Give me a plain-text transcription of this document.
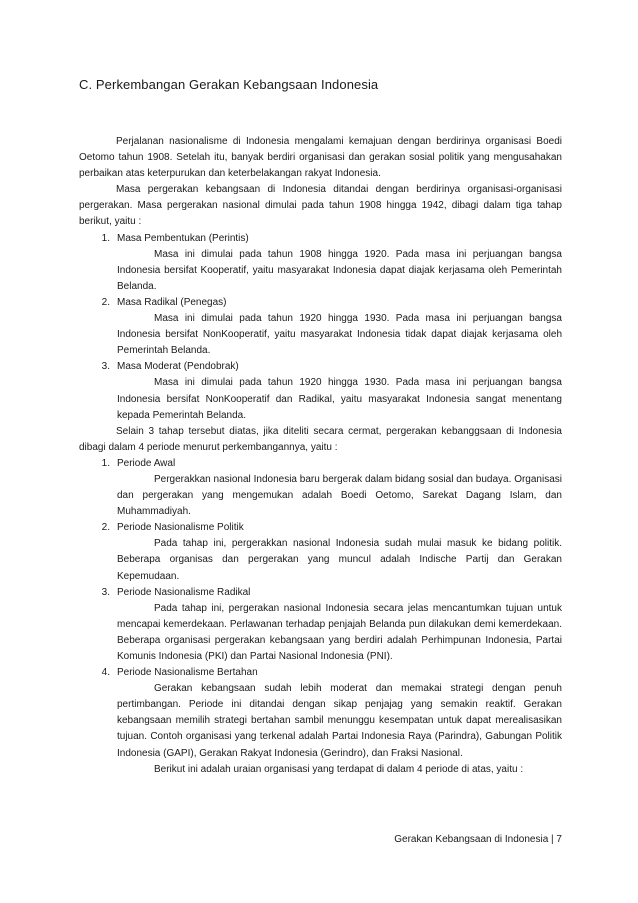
C. Perkembangan Gerakan Kebangsaan Indonesia

Perjalanan nasionalisme di Indonesia mengalami kemajuan dengan berdirinya organisasi Boedi Oetomo tahun 1908. Setelah itu, banyak berdiri organisasi dan gerakan sosial politik yang mengusahakan perbaikan atas keterpurukan dan keterbelakangan rakyat Indonesia.

Masa pergerakan kebangsaan di Indonesia ditandai dengan berdirinya organisasi-organisasi pergerakan. Masa pergerakan nasional dimulai pada tahun 1908 hingga 1942, dibagi dalam tiga tahap berikut, yaitu :

1. Masa Pembentukan (Perintis)

Masa ini dimulai pada tahun 1908 hingga 1920. Pada masa ini perjuangan bangsa Indonesia bersifat Kooperatif, yaitu masyarakat Indonesia dapat diajak kerjasama oleh Pemerintah Belanda.

2. Masa Radikal (Penegas)

Masa ini dimulai pada tahun 1920 hingga 1930. Pada masa ini perjuangan bangsa Indonesia bersifat NonKooperatif, yaitu masyarakat Indonesia tidak dapat diajak kerjasama oleh Pemerintah Belanda.

3. Masa Moderat (Pendobrak)

Masa ini dimulai pada tahun 1920 hingga 1930. Pada masa ini perjuangan bangsa Indonesia bersifat NonKooperatif dan Radikal, yaitu masyarakat Indonesia sangat menentang kepada Pemerintah Belanda.

Selain 3 tahap tersebut diatas, jika diteliti secara cermat, pergerakan kebanggsaan di Indonesia dibagi dalam 4 periode menurut perkembangannya, yaitu :

1. Periode Awal

Pergerakkan nasional Indonesia baru bergerak dalam bidang sosial dan budaya. Organisasi dan pergerakan yang mengemukan adalah Boedi Oetomo, Sarekat Dagang Islam, dan Muhammadiyah.

2. Periode Nasionalisme Politik

Pada tahap ini, pergerakkan nasional Indonesia sudah mulai masuk ke bidang politik. Beberapa organisas dan pergerakan yang muncul adalah Indische Partij dan Gerakan Kepemudaan.

3. Periode Nasionalisme Radikal

Pada tahap ini, pergerakan nasional Indonesia secara jelas mencantumkan tujuan untuk mencapai kemerdekaan. Perlawanan terhadap penjajah Belanda pun dilakukan demi kemerdekaan. Beberapa organisasi pergerakan kebangsaan yang berdiri adalah Perhimpunan Indonesia, Partai Komunis Indonesia (PKI) dan Partai Nasional Indonesia (PNI).

4. Periode Nasionalisme Bertahan

Gerakan kebangsaan sudah lebih moderat dan memakai strategi dengan penuh pertimbangan. Periode ini ditandai dengan sikap penjajag yang semakin reaktif. Gerakan kebangsaan memilih strategi bertahan sambil menunggu kesempatan untuk dapat merealisasikan tujuan. Contoh organisasi yang terkenal adalah Partai Indonesia Raya (Parindra), Gabungan Politik Indonesia (GAPI), Gerakan Rakyat Indonesia (Gerindro), dan Fraksi Nasional.

Berikut ini adalah uraian organisasi yang terdapat di dalam 4 periode di atas, yaitu :

Gerakan Kebangsaan di Indonesia | 7
